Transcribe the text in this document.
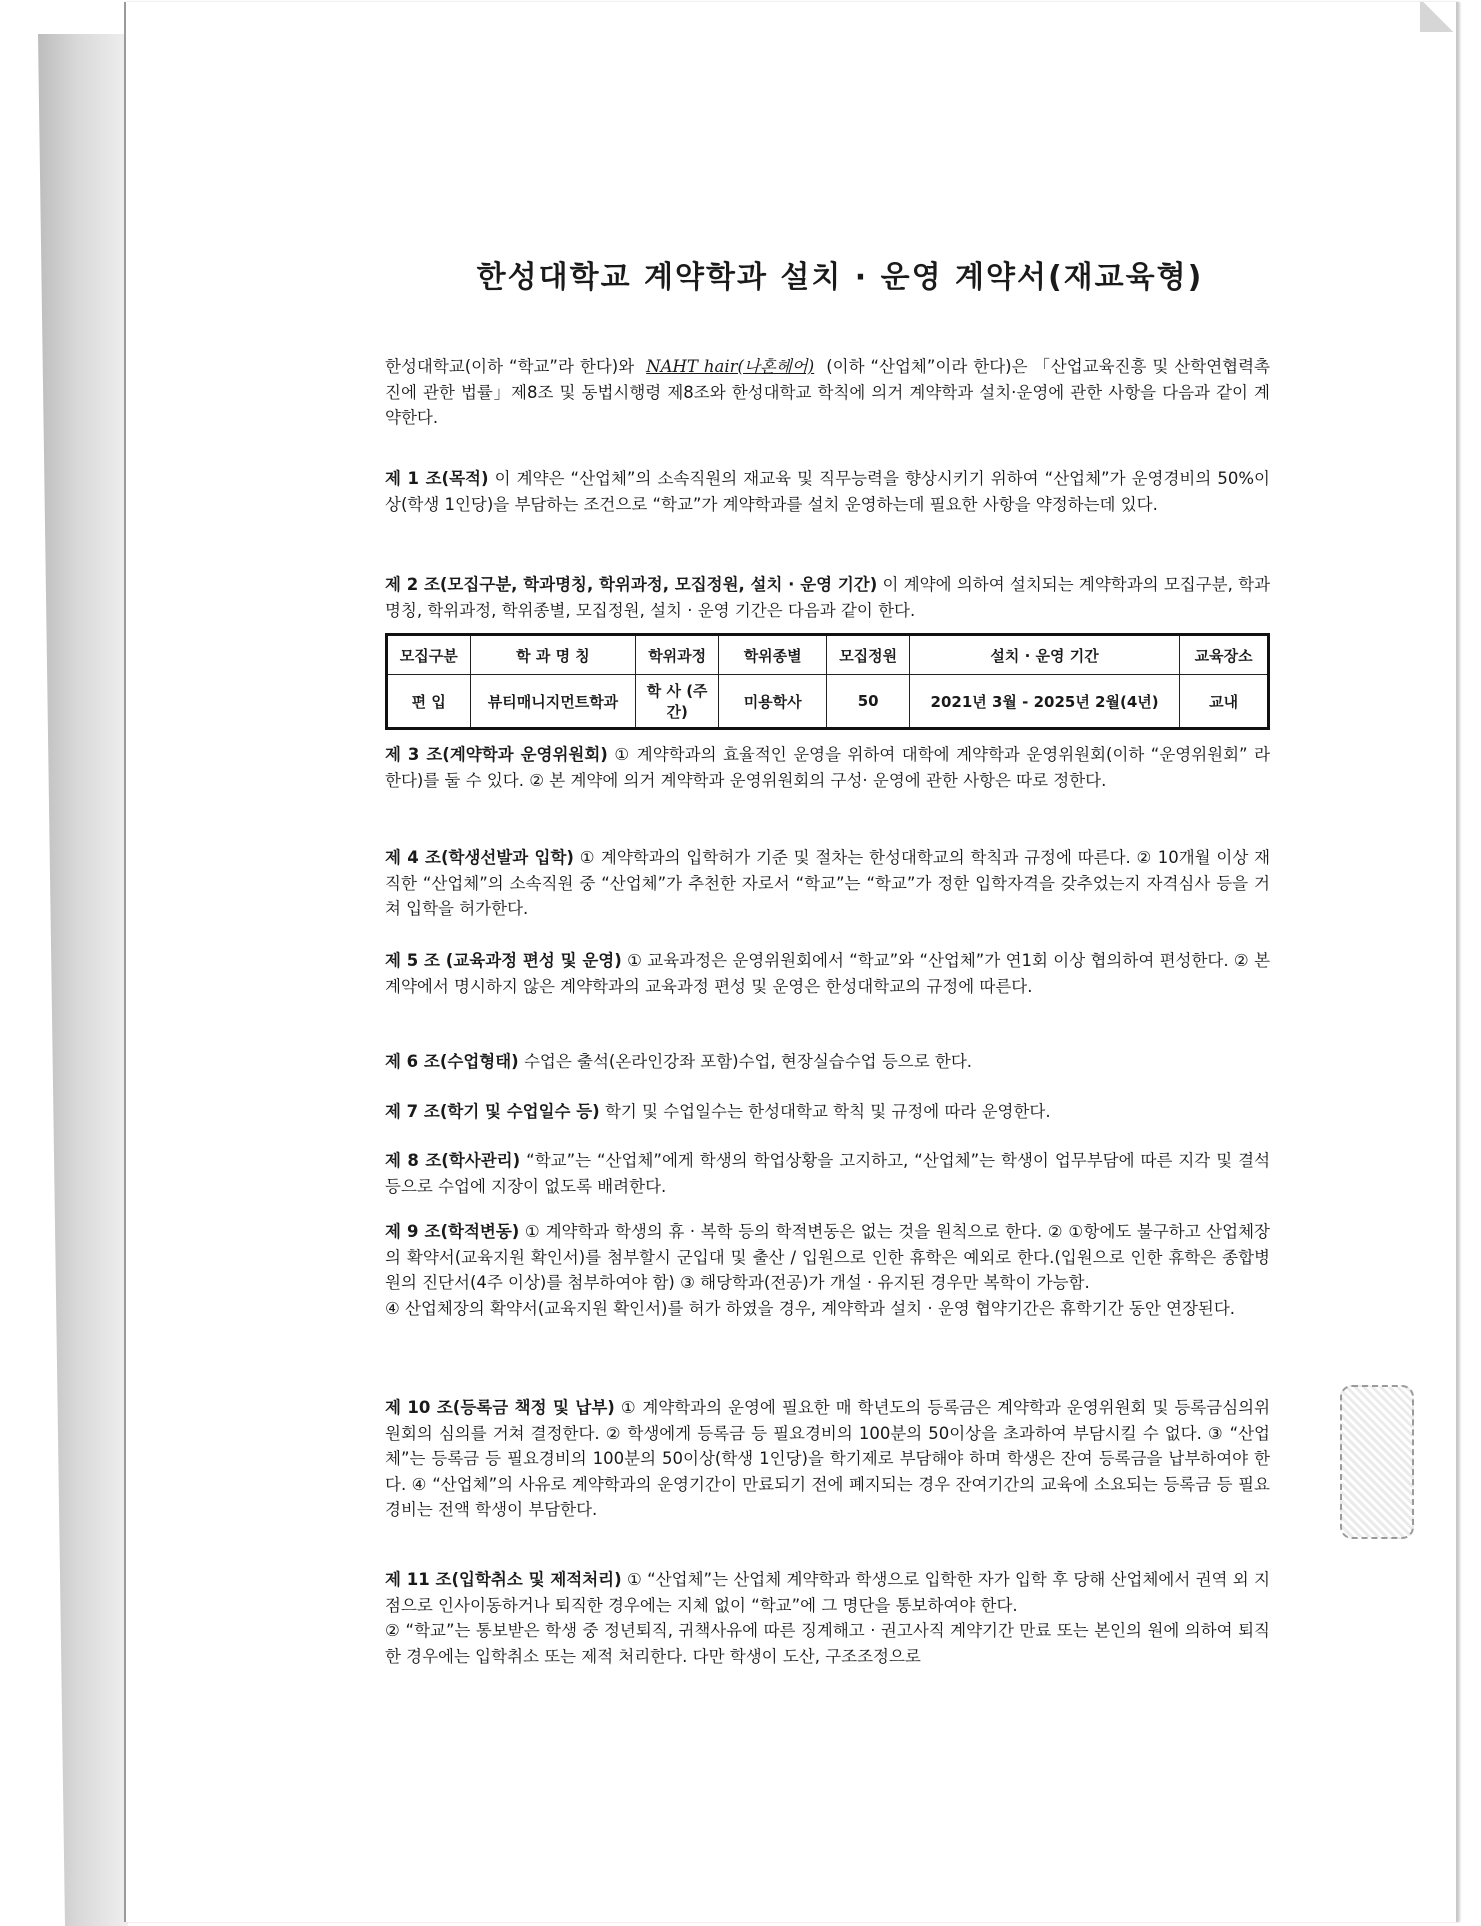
한성대학교 계약학과 설치 · 운영 계약서(재교육형)
한성대학교(이하 “학교”라 한다)와 NAHT hair(나혼헤어) (이하 “산업체”이라 한다)은 「산업교육진흥 및 산학연협력촉진에 관한 법률」제8조 및 동법시행령 제8조와 한성대학교 학칙에 의거 계약학과 설치·운영에 관한 사항을 다음과 같이 계약한다.
제 1 조(목적) 이 계약은 “산업체”의 소속직원의 재교육 및 직무능력을 향상시키기 위하여 “산업체”가 운영경비의 50%이상(학생 1인당)을 부담하는 조건으로 “학교”가 계약학과를 설치 운영하는데 필요한 사항을 약정하는데 있다.
제 2 조(모집구분, 학과명칭, 학위과정, 모집정원, 설치 · 운영 기간) 이 계약에 의하여 설치되는 계약학과의 모집구분, 학과명칭, 학위과정, 학위종별, 모집정원, 설치 · 운영 기간은 다음과 같이 한다.
모집구분	학 과 명 칭	학위과정	학위종별	모집정원	설치 · 운영 기간	교육장소
편 입	뷰티매니지먼트학과	학 사 (주간)	미용학사	50	2021년 3월 - 2025년 2월(4년)	교내
제 3 조(계약학과 운영위원회) ① 계약학과의 효율적인 운영을 위하여 대학에 계약학과 운영위원회(이하 “운영위원회” 라 한다)를 둘 수 있다. ② 본 계약에 의거 계약학과 운영위원회의 구성· 운영에 관한 사항은 따로 정한다.
제 4 조(학생선발과 입학) ① 계약학과의 입학허가 기준 및 절차는 한성대학교의 학칙과 규정에 따른다. ② 10개월 이상 재직한 “산업체”의 소속직원 중 “산업체”가 추천한 자로서 “학교”는 “학교”가 정한 입학자격을 갖추었는지 자격심사 등을 거쳐 입학을 허가한다.
제 5 조 (교육과정 편성 및 운영) ① 교육과정은 운영위원회에서 “학교”와 “산업체”가 연1회 이상 협의하여 편성한다. ② 본 계약에서 명시하지 않은 계약학과의 교육과정 편성 및 운영은 한성대학교의 규정에 따른다.
제 6 조(수업형태) 수업은 출석(온라인강좌 포함)수업, 현장실습수업 등으로 한다.
제 7 조(학기 및 수업일수 등) 학기 및 수업일수는 한성대학교 학칙 및 규정에 따라 운영한다.
제 8 조(학사관리) “학교”는 “산업체”에게 학생의 학업상황을 고지하고, “산업체”는 학생이 업무부담에 따른 지각 및 결석 등으로 수업에 지장이 없도록 배려한다.
제 9 조(학적변동) ① 계약학과 학생의 휴 · 복학 등의 학적변동은 없는 것을 원칙으로 한다. ② ①항에도 불구하고 산업체장의 확약서(교육지원 확인서)를 첨부할시 군입대 및 출산 / 입원으로 인한 휴학은 예외로 한다.(입원으로 인한 휴학은 종합병원의 진단서(4주 이상)를 첨부하여야 함) ③ 해당학과(전공)가 개설 · 유지된 경우만 복학이 가능함.
④ 산업체장의 확약서(교육지원 확인서)를 허가 하였을 경우, 계약학과 설치 · 운영 협약기간은 휴학기간 동안 연장된다.
제 10 조(등록금 책정 및 납부) ① 계약학과의 운영에 필요한 매 학년도의 등록금은 계약학과 운영위원회 및 등록금심의위원회의 심의를 거쳐 결정한다. ② 학생에게 등록금 등 필요경비의 100분의 50이상을 초과하여 부담시킬 수 없다. ③ “산업체”는 등록금 등 필요경비의 100분의 50이상(학생 1인당)을 학기제로 부담해야 하며 학생은 잔여 등록금을 납부하여야 한다. ④ “산업체”의 사유로 계약학과의 운영기간이 만료되기 전에 폐지되는 경우 잔여기간의 교육에 소요되는 등록금 등 필요 경비는 전액 학생이 부담한다.
제 11 조(입학취소 및 제적처리) ① “산업체”는 산업체 계약학과 학생으로 입학한 자가 입학 후 당해 산업체에서 권역 외 지점으로 인사이동하거나 퇴직한 경우에는 지체 없이 “학교”에 그 명단을 통보하여야 한다.
② “학교”는 통보받은 학생 중 정년퇴직, 귀책사유에 따른 징계해고 · 권고사직 계약기간 만료 또는 본인의 원에 의하여 퇴직한 경우에는 입학취소 또는 제적 처리한다. 다만 학생이 도산, 구조조정으로
